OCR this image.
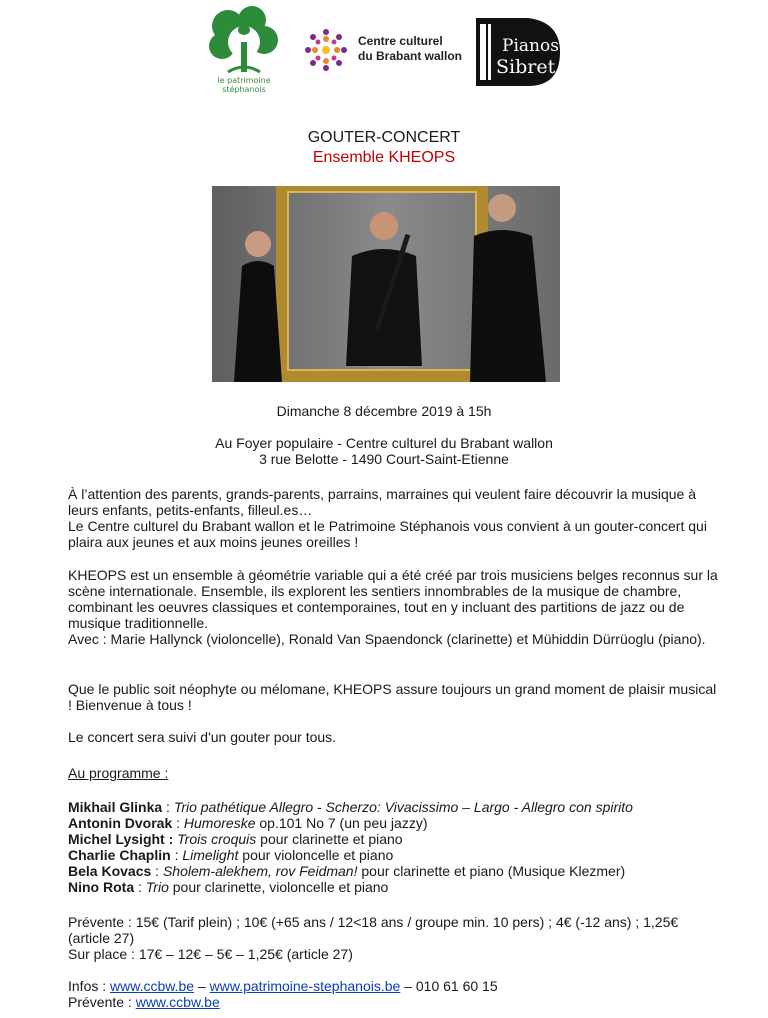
le patrimoine stéphanois
Centre culturel
du Brabant wallon Pianos
Sibret
GOUTER-CONCERT
Ensemble KHEOPS
Dimanche 8 décembre 2019 à 15h
Au Foyer populaire - Centre culturel du Brabant wallon
3 rue Belotte - 1490 Court-Saint-Etienne
À l’attention des parents, grands-parents, parrains, marraines qui veulent faire découvrir la musique à leurs enfants, petits-enfants, filleul.es…
Le Centre culturel du Brabant wallon et le Patrimoine Stéphanois vous convient à un gouter-concert qui plaira aux jeunes et aux moins jeunes oreilles !
KHEOPS est un ensemble à géométrie variable qui a été créé par trois musiciens belges reconnus sur la scène internationale. Ensemble, ils explorent les sentiers innombrables de la musique de chambre, combinant les oeuvres classiques et contemporaines, tout en y incluant des partitions de jazz ou de musique traditionnelle.
Avec : Marie Hallynck (violoncelle), Ronald Van Spaendonck (clarinette) et Mühiddin Dürrüoglu (piano).
Que le public soit néophyte ou mélomane, KHEOPS assure toujours un grand moment de plaisir musical ! Bienvenue à tous !
Le concert sera suivi d'un gouter pour tous.
Au programme :
Mikhail Glinka : Trio pathétique Allegro - Scherzo: Vivacissimo – Largo - Allegro con spirito
Antonin Dvorak : Humoreske op.101 No 7 (un peu jazzy)
Michel Lysight : Trois croquis pour clarinette et piano
Charlie Chaplin : Limelight pour violoncelle et piano
Bela Kovacs : Sholem-alekhem, rov Feidman! pour clarinette et piano (Musique Klezmer)
Nino Rota : Trio pour clarinette, violoncelle et piano
Prévente : 15€ (Tarif plein) ; 10€ (+65 ans / 12<18 ans / groupe min. 10 pers) ; 4€ (-12 ans) ; 1,25€ (article 27)
Sur place : 17€ – 12€ – 5€ – 1,25€ (article 27)
Infos : www.ccbw.be – www.patrimoine-stephanois.be – 010 61 60 15
Prévente : www.ccbw.be
